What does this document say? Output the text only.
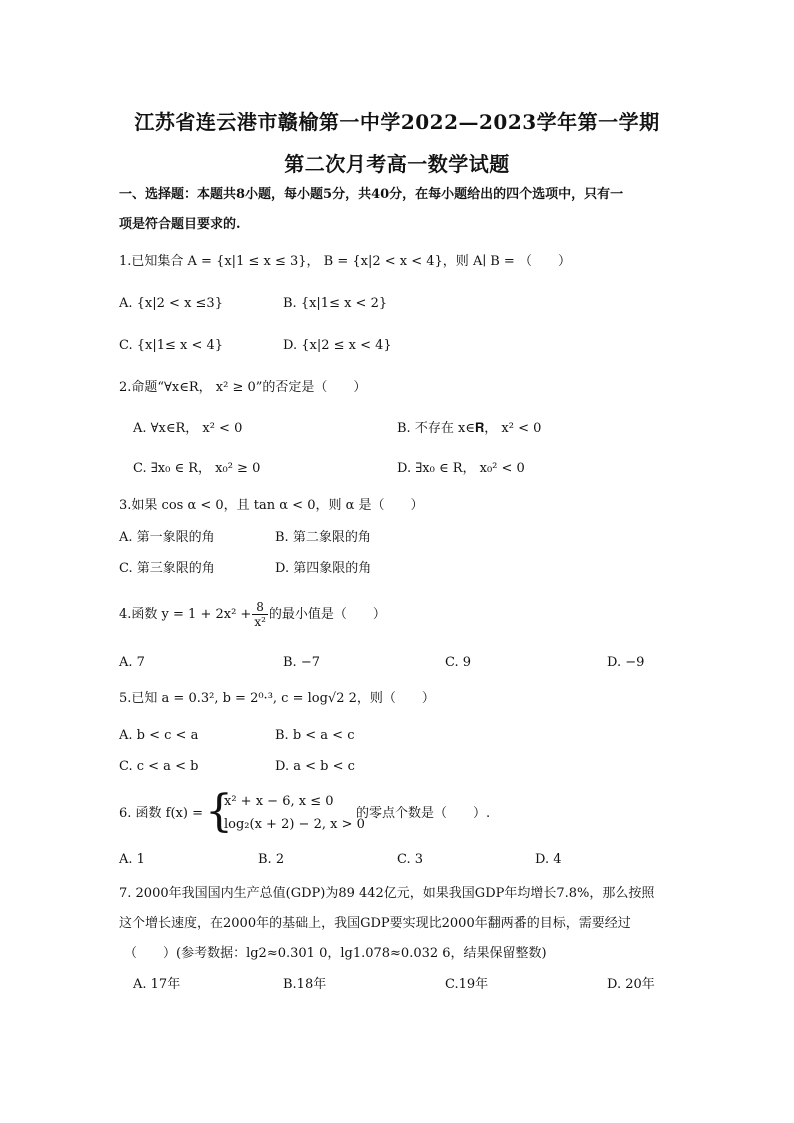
江苏省连云港市赣榆第一中学2022—2023学年第一学期
第二次月考高一数学试题
一、选择题：本题共8小题，每小题5分，共40分，在每小题给出的四个选项中，只有一
项是符合题目要求的.
1.已知集合 A = {x|1 ≤ x ≤ 3}， B = {x|2 < x < 4}，则 A∣ B = （　　）
A. {x|2 < x ≤3}	B. {x|1≤ x < 2}
C. {x|1≤ x < 4}	D. {x|2 ≤ x < 4}
2.命题“∀x∈R， x² ≥ 0”的否定是（　　）
A. ∀x∈R， x² < 0	B. 不存在 x∈𝐑， x² < 0
C. ∃x₀ ∈ R， x₀² ≥ 0	D. ∃x₀ ∈ R， x₀² < 0
3.如果 cos α < 0，且 tan α < 0，则 α 是（　　）
A. 第一象限的角	B. 第二象限的角
C. 第三象限的角	D. 第四象限的角
4.函数 $y = 1 + 2x^2 + \frac{8}{\text{x²}}$ 的最小值是（　　）
A. 7	B. −7	C. 9	D. −9
5.已知 a = 0.3², b = 2⁰·³, c = log√2 2，则（　　）
A. b < c < a	B. b < a < c
C. c < a < b	D. a < b < c
6. 函数 f(x) = {
x² + x − 6, x ≤ 0
log₂(x + 2) − 2, x > 0
的零点个数是（　　）.
A. 1	B. 2	C. 3	D. 4
7. 2000年我国国内生产总值(GDP)为89 442亿元，如果我国GDP年均增长7.8%，那么按照
这个增长速度，在2000年的基础上，我国GDP要实现比2000年翻两番的目标，需要经过
（　　）(参考数据：lg2≈0.301 0，lg1.078≈0.032 6，结果保留整数)
A. 17年	B.18年	C.19年	D. 20年
